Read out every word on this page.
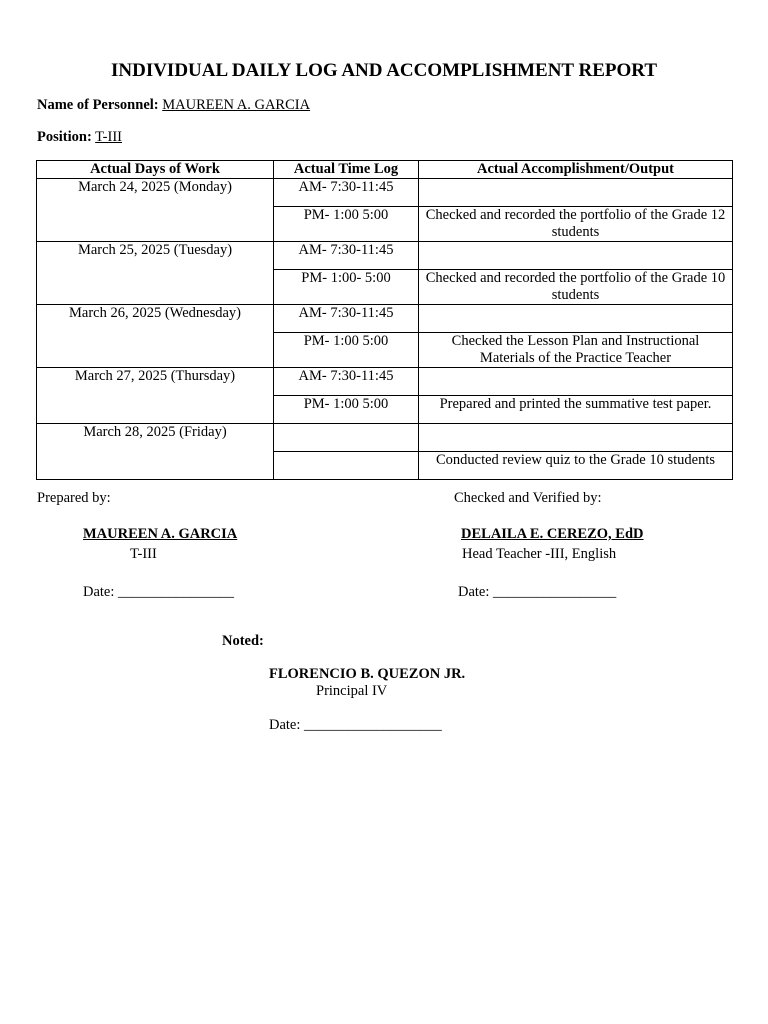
INDIVIDUAL DAILY LOG AND ACCOMPLISHMENT REPORT
Name of Personnel: MAUREEN A. GARCIA
Position: T-III
Actual Days of Work	Actual Time Log	Actual Accomplishment/Output
March 24, 2025 (Monday)	AM- 7:30-11:45	
	PM- 1:00 5:00	Checked and recorded the portfolio of the Grade 12 students
March 25, 2025 (Tuesday)	AM- 7:30-11:45	
	PM- 1:00- 5:00	Checked and recorded the portfolio of the Grade 10 students
March 26, 2025 (Wednesday)	AM- 7:30-11:45	
	PM- 1:00 5:00	Checked the Lesson Plan and Instructional Materials of the Practice Teacher
March 27, 2025 (Thursday)	AM- 7:30-11:45	
	PM- 1:00 5:00	Prepared and printed the summative test paper.
March 28, 2025 (Friday)		
		Conducted review quiz to the Grade 10 students
Prepared by:
MAUREEN A. GARCIA
T-III
Date: ________________
Checked and Verified by:
DELAILA E. CEREZO, EdD
Head Teacher -III, English
Date: _________________
Noted:
FLORENCIO B. QUEZON JR.
Principal IV
Date: ___________________
